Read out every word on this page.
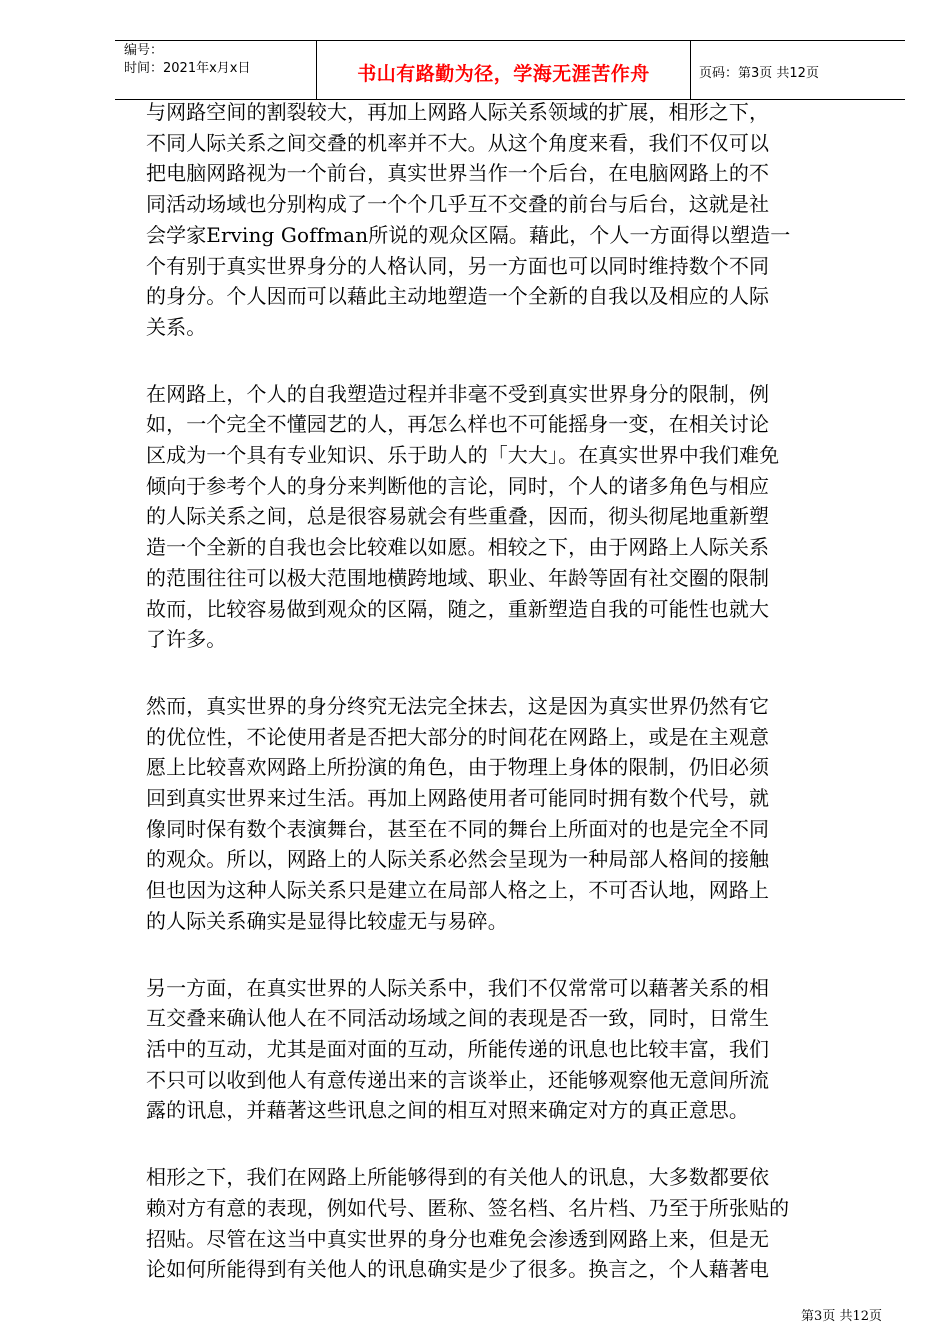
编号：
时间：2021年x月x日	书山有路勤为径，学海无涯苦作舟	页码：第3页 共12页

与网路空间的割裂较大，再加上网路人际关系领域的扩展，相形之下，
不同人际关系之间交叠的机率并不大。从这个角度来看，我们不仅可以
把电脑网路视为一个前台，真实世界当作一个后台，在电脑网路上的不
同活动场域也分别构成了一个个几乎互不交叠的前台与后台，这就是社
会学家Erving Goffman所说的观众区隔。藉此，个人一方面得以塑造一
个有别于真实世界身分的人格认同，另一方面也可以同时维持数个不同
的身分。个人因而可以藉此主动地塑造一个全新的自我以及相应的人际
关系。

在网路上，个人的自我塑造过程并非毫不受到真实世界身分的限制，例
如，一个完全不懂园艺的人，再怎么样也不可能摇身一变，在相关讨论
区成为一个具有专业知识、乐于助人的「大大」。在真实世界中我们难免
倾向于参考个人的身分来判断他的言论，同时，个人的诸多角色与相应
的人际关系之间，总是很容易就会有些重叠，因而，彻头彻尾地重新塑
造一个全新的自我也会比较难以如愿。相较之下，由于网路上人际关系
的范围往往可以极大范围地横跨地域、职业、年龄等固有社交圈的限制
故而，比较容易做到观众的区隔，随之，重新塑造自我的可能性也就大
了许多。

然而，真实世界的身分终究无法完全抹去，这是因为真实世界仍然有它
的优位性，不论使用者是否把大部分的时间花在网路上，或是在主观意
愿上比较喜欢网路上所扮演的角色，由于物理上身体的限制，仍旧必须
回到真实世界来过生活。再加上网路使用者可能同时拥有数个代号，就
像同时保有数个表演舞台，甚至在不同的舞台上所面对的也是完全不同
的观众。所以，网路上的人际关系必然会呈现为一种局部人格间的接触
但也因为这种人际关系只是建立在局部人格之上，不可否认地，网路上
的人际关系确实是显得比较虚无与易碎。

另一方面，在真实世界的人际关系中，我们不仅常常可以藉著关系的相
互交叠来确认他人在不同活动场域之间的表现是否一致，同时，日常生
活中的互动，尤其是面对面的互动，所能传递的讯息也比较丰富，我们
不只可以收到他人有意传递出来的言谈举止，还能够观察他无意间所流
露的讯息，并藉著这些讯息之间的相互对照来确定对方的真正意思。

相形之下，我们在网路上所能够得到的有关他人的讯息，大多数都要依
赖对方有意的表现，例如代号、匿称、签名档、名片档、乃至于所张贴的
招贴。尽管在这当中真实世界的身分也难免会渗透到网路上来，但是无
论如何所能得到有关他人的讯息确实是少了很多。换言之，个人藉著电

第3页 共12页
